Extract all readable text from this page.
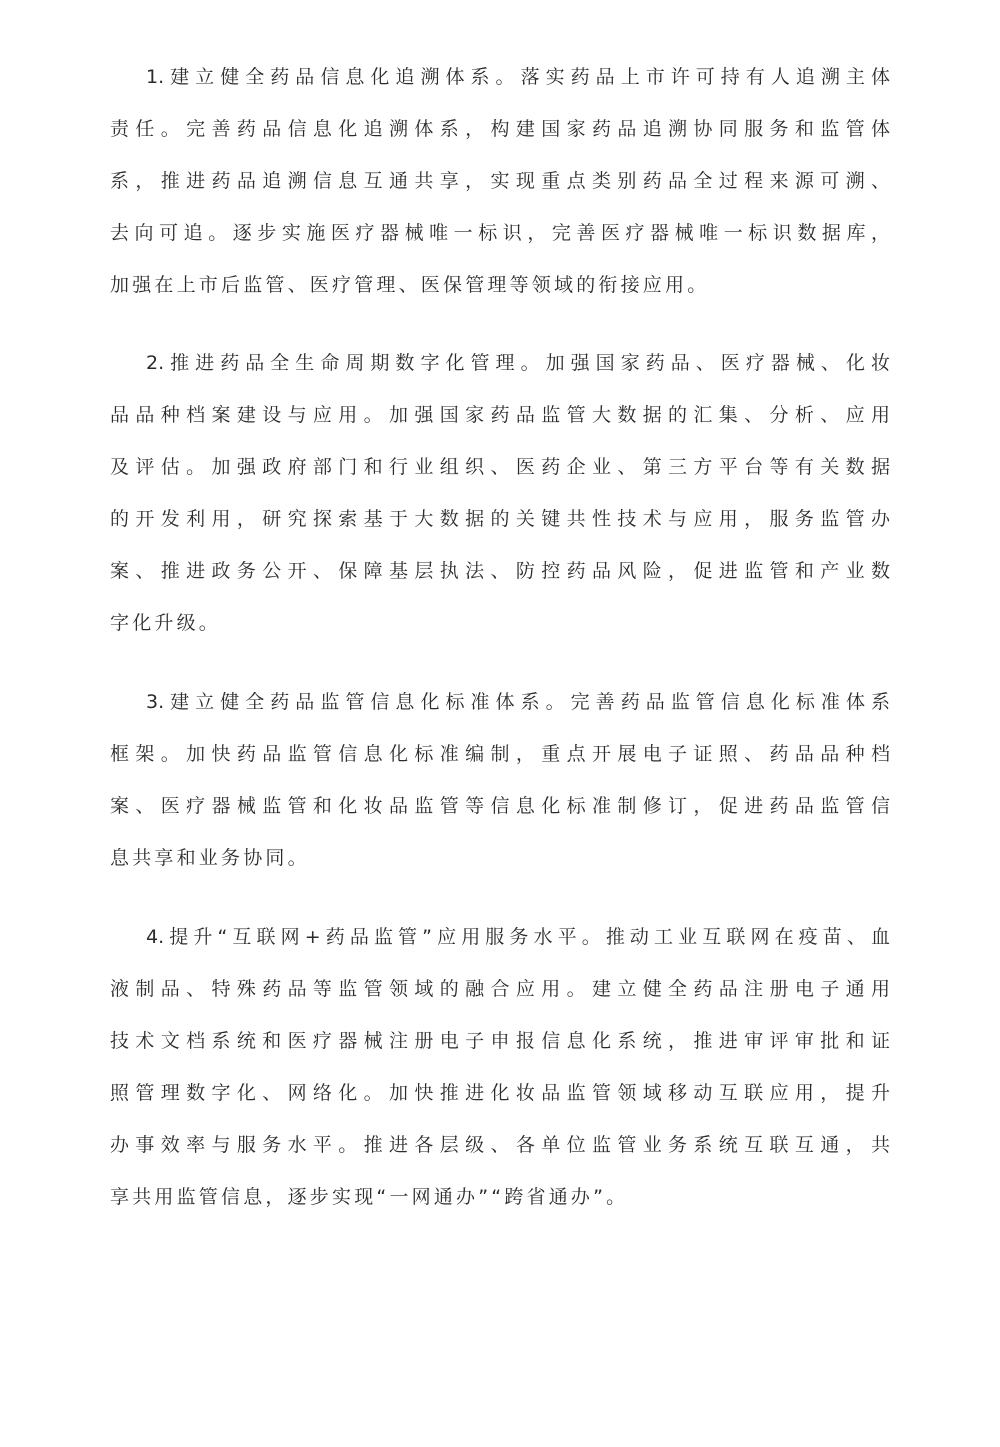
1.建立健全药品信息化追溯体系。落实药品上市许可持有人追溯主体
责任。完善药品信息化追溯体系，构建国家药品追溯协同服务和监管体
系，推进药品追溯信息互通共享，实现重点类别药品全过程来源可溯、
去向可追。逐步实施医疗器械唯一标识，完善医疗器械唯一标识数据库，
加强在上市后监管、医疗管理、医保管理等领域的衔接应用。
2.推进药品全生命周期数字化管理。加强国家药品、医疗器械、化妆
品品种档案建设与应用。加强国家药品监管大数据的汇集、分析、应用
及评估。加强政府部门和行业组织、医药企业、第三方平台等有关数据
的开发利用，研究探索基于大数据的关键共性技术与应用，服务监管办
案、推进政务公开、保障基层执法、防控药品风险，促进监管和产业数
字化升级。
3.建立健全药品监管信息化标准体系。完善药品监管信息化标准体系
框架。加快药品监管信息化标准编制，重点开展电子证照、药品品种档
案、医疗器械监管和化妆品监管等信息化标准制修订，促进药品监管信
息共享和业务协同。
4.提升“互联网+药品监管”应用服务水平。推动工业互联网在疫苗、血
液制品、特殊药品等监管领域的融合应用。建立健全药品注册电子通用
技术文档系统和医疗器械注册电子申报信息化系统，推进审评审批和证
照管理数字化、网络化。加快推进化妆品监管领域移动互联应用，提升
办事效率与服务水平。推进各层级、各单位监管业务系统互联互通，共
享共用监管信息，逐步实现“一网通办”“跨省通办”。
